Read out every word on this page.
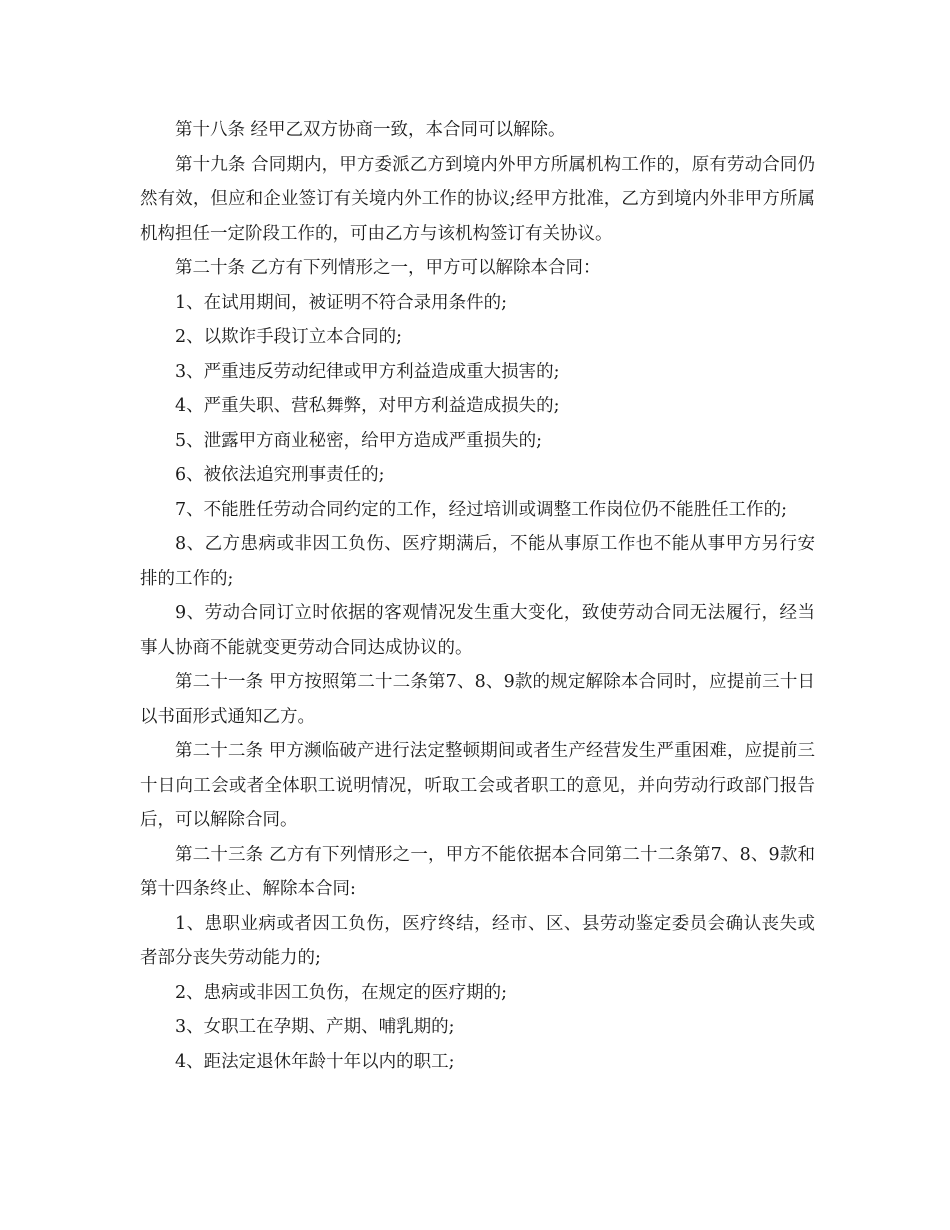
第十八条 经甲乙双方协商一致，本合同可以解除。

第十九条 合同期内，甲方委派乙方到境内外甲方所属机构工作的，原有劳动合同仍然有效，但应和企业签订有关境内外工作的协议;经甲方批准，乙方到境内外非甲方所属机构担任一定阶段工作的，可由乙方与该机构签订有关协议。

第二十条 乙方有下列情形之一，甲方可以解除本合同：

1、在试用期间，被证明不符合录用条件的;

2、以欺诈手段订立本合同的;

3、严重违反劳动纪律或甲方利益造成重大损害的;

4、严重失职、营私舞弊，对甲方利益造成损失的;

5、泄露甲方商业秘密，给甲方造成严重损失的;

6、被依法追究刑事责任的;

7、不能胜任劳动合同约定的工作，经过培训或调整工作岗位仍不能胜任工作的;

8、乙方患病或非因工负伤、医疗期满后，不能从事原工作也不能从事甲方另行安排的工作的;

9、劳动合同订立时依据的客观情况发生重大变化，致使劳动合同无法履行，经当事人协商不能就变更劳动合同达成协议的。

第二十一条 甲方按照第二十二条第7、8、9款的规定解除本合同时，应提前三十日以书面形式通知乙方。

第二十二条 甲方濒临破产进行法定整顿期间或者生产经营发生严重困难，应提前三十日向工会或者全体职工说明情况，听取工会或者职工的意见，并向劳动行政部门报告后，可以解除合同。

第二十三条 乙方有下列情形之一，甲方不能依据本合同第二十二条第7、8、9款和第十四条终止、解除本合同:

1、患职业病或者因工负伤，医疗终结，经市、区、县劳动鉴定委员会确认丧失或者部分丧失劳动能力的;

2、患病或非因工负伤，在规定的医疗期的;

3、女职工在孕期、产期、哺乳期的;

4、距法定退休年龄十年以内的职工;
